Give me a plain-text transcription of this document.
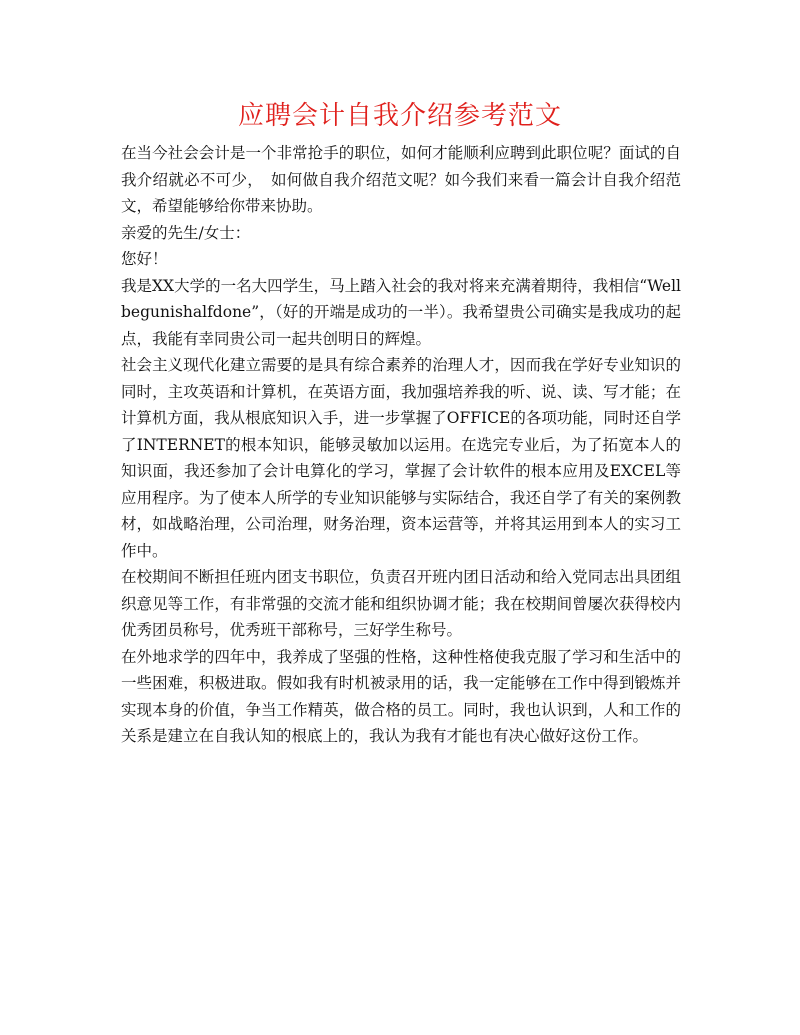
应聘会计自我介绍参考范文

在当今社会会计是一个非常抢手的职位，如何才能顺利应聘到此职位呢？面试的自我介绍就必不可少，　如何做自我介绍范文呢？如今我们来看一篇会计自我介绍范文，希望能够给你带来协助。

亲爱的先生/女士：

您好！

我是XX大学的一名大四学生，马上踏入社会的我对将来充满着期待，我相信“Wellbegunishalfdone”，（好的开端是成功的一半）。我希望贵公司确实是我成功的起点，我能有幸同贵公司一起共创明日的辉煌。

社会主义现代化建立需要的是具有综合素养的治理人才，因而我在学好专业知识的同时，主攻英语和计算机，在英语方面，我加强培养我的听、说、读、写才能；在计算机方面，我从根底知识入手，进一步掌握了OFFICE的各项功能，同时还自学了INTERNET的根本知识，能够灵敏加以运用。在选完专业后，为了拓宽本人的知识面，我还参加了会计电算化的学习，掌握了会计软件的根本应用及EXCEL等应用程序。为了使本人所学的专业知识能够与实际结合，我还自学了有关的案例教材，如战略治理，公司治理，财务治理，资本运营等，并将其运用到本人的实习工作中。

在校期间不断担任班内团支书职位，负责召开班内团日活动和给入党同志出具团组织意见等工作，有非常强的交流才能和组织协调才能；我在校期间曾屡次获得校内优秀团员称号，优秀班干部称号，三好学生称号。

在外地求学的四年中，我养成了坚强的性格，这种性格使我克服了学习和生活中的一些困难，积极进取。假如我有时机被录用的话，我一定能够在工作中得到锻炼并实现本身的价值，争当工作精英，做合格的员工。同时，我也认识到，人和工作的关系是建立在自我认知的根底上的，我认为我有才能也有决心做好这份工作。
